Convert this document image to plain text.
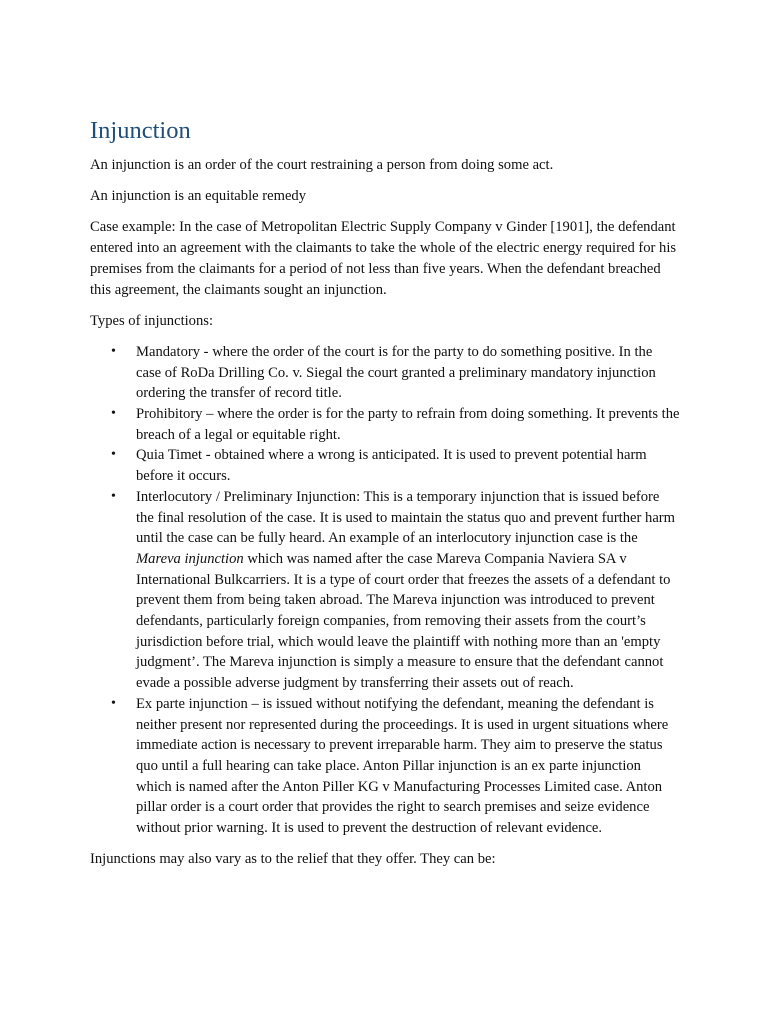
Injunction

An injunction is an order of the court restraining a person from doing some act.

An injunction is an equitable remedy

Case example: In the case of Metropolitan Electric Supply Company v Ginder [1901], the defendant entered into an agreement with the claimants to take the whole of the electric energy required for his premises from the claimants for a period of not less than five years. When the defendant breached this agreement, the claimants sought an injunction.

Types of injunctions:

• Mandatory - where the order of the court is for the party to do something positive. In the case of RoDa Drilling Co. v. Siegal the court granted a preliminary mandatory injunction ordering the transfer of record title.
• Prohibitory – where the order is for the party to refrain from doing something. It prevents the breach of a legal or equitable right.
• Quia Timet - obtained where a wrong is anticipated. It is used to prevent potential harm before it occurs.
• Interlocutory / Preliminary Injunction: This is a temporary injunction that is issued before the final resolution of the case. It is used to maintain the status quo and prevent further harm until the case can be fully heard. An example of an interlocutory injunction case is the Mareva injunction which was named after the case Mareva Compania Naviera SA v International Bulkcarriers. It is a type of court order that freezes the assets of a defendant to prevent them from being taken abroad. The Mareva injunction was introduced to prevent defendants, particularly foreign companies, from removing their assets from the court’s jurisdiction before trial, which would leave the plaintiff with nothing more than an 'empty judgment’. The Mareva injunction is simply a measure to ensure that the defendant cannot evade a possible adverse judgment by transferring their assets out of reach.
• Ex parte injunction – is issued without notifying the defendant, meaning the defendant is neither present nor represented during the proceedings. It is used in urgent situations where immediate action is necessary to prevent irreparable harm. They aim to preserve the status quo until a full hearing can take place. Anton Pillar injunction is an ex parte injunction which is named after the Anton Piller KG v Manufacturing Processes Limited case. Anton pillar order is a court order that provides the right to search premises and seize evidence without prior warning. It is used to prevent the destruction of relevant evidence.

Injunctions may also vary as to the relief that they offer. They can be:
